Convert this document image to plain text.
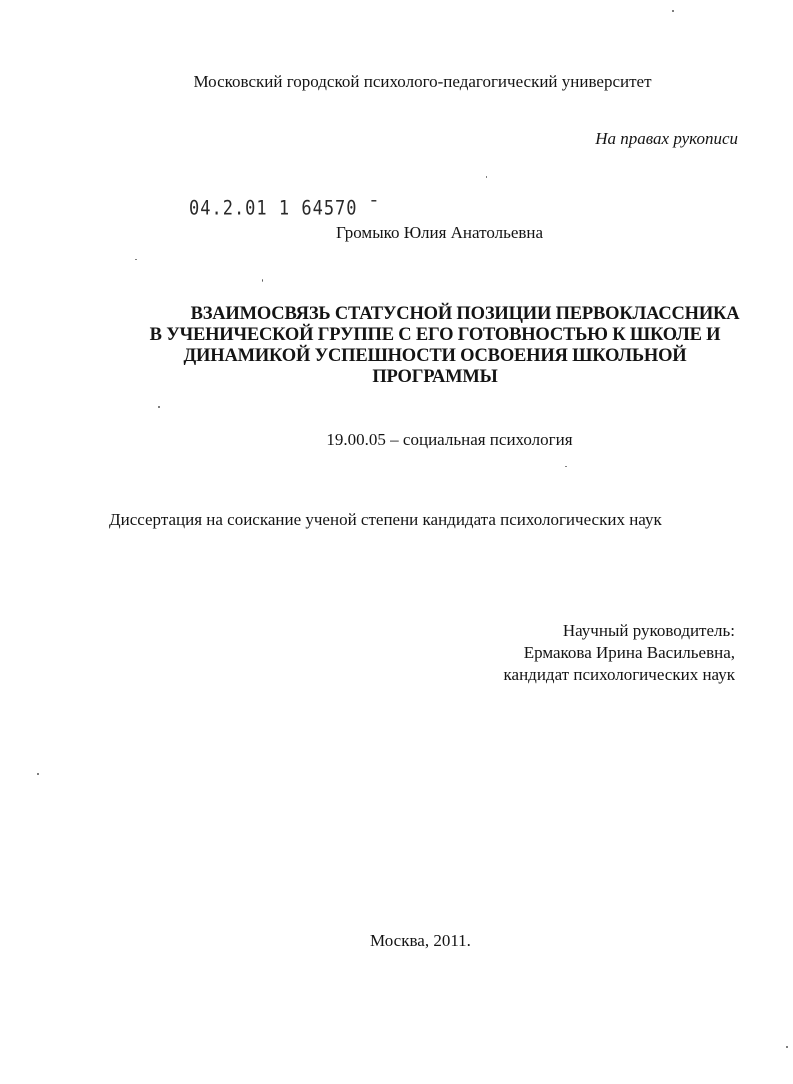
Московский городской психолого-педагогический университет
На правах рукописи
04.2.01 1 64570 ˉ
Громыко Юлия Анатольевна
ВЗАИМОСВЯЗЬ СТАТУСНОЙ ПОЗИЦИИ ПЕРВОКЛАССНИКА
В УЧЕНИЧЕСКОЙ ГРУППЕ С ЕГО ГОТОВНОСТЬЮ К ШКОЛЕ И
ДИНАМИКОЙ УСПЕШНОСТИ ОСВОЕНИЯ ШКОЛЬНОЙ
ПРОГРАММЫ
19.00.05 – социальная психология
Диссертация на соискание ученой степени кандидата психологических наук
Научный руководитель:
Ермакова Ирина Васильевна,
кандидат психологических наук
Москва, 2011.
